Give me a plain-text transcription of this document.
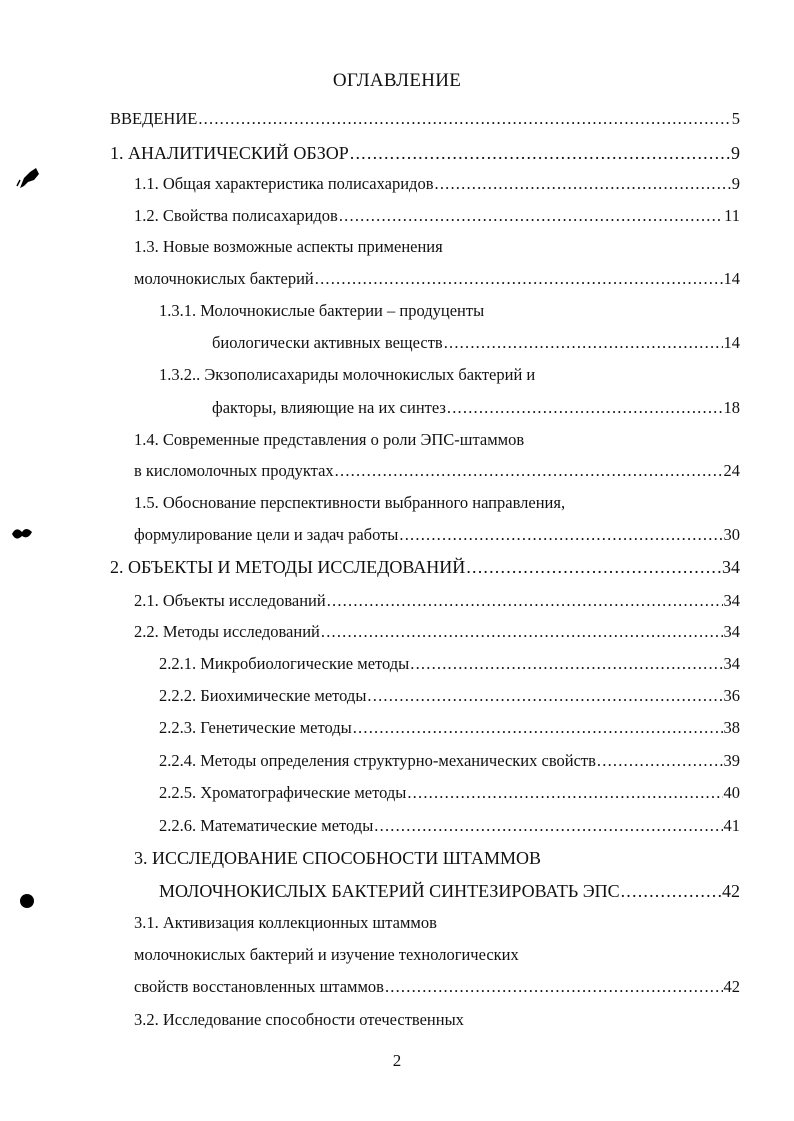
ОГЛАВЛЕНИЕ
ВВЕДЕНИЕ .....	5
1. АНАЛИТИЧЕСКИЙ ОБЗОР .....	9
1.1. Общая характеристика полисахаридов .....	9
1.2. Свойства полисахаридов .....	11
1.3. Новые возможные аспекты применения
молочнокислых бактерий .....	14
1.3.1. Молочнокислые бактерии – продуценты
биологически активных веществ .....	14
1.3.2.. Экзополисахариды молочнокислых бактерий и
факторы, влияющие на их синтез .....	18
1.4. Современные представления о роли ЭПС-штаммов
в кисломолочных продуктах .....	24
1.5. Обоснование перспективности выбранного направления,
формулирование цели и задач работы .....	30
2. ОБЪЕКТЫ И МЕТОДЫ ИССЛЕДОВАНИЙ .....	34
2.1. Объекты исследований .....	34
2.2. Методы исследований .....	34
2.2.1. Микробиологические методы .....	34
2.2.2. Биохимические методы .....	36
2.2.3. Генетические методы .....	38
2.2.4. Методы определения структурно-механических свойств .....	39
2.2.5. Хроматографические методы .....	40
2.2.6. Математические методы .....	41
3. ИССЛЕДОВАНИЕ СПОСОБНОСТИ ШТАММОВ
МОЛОЧНОКИСЛЫХ БАКТЕРИЙ СИНТЕЗИРОВАТЬ ЭПС .....	42
3.1. Активизация коллекционных штаммов
молочнокислых бактерий и изучение технологических
свойств восстановленных штаммов .....	42
3.2. Исследование способности отечественных
2
